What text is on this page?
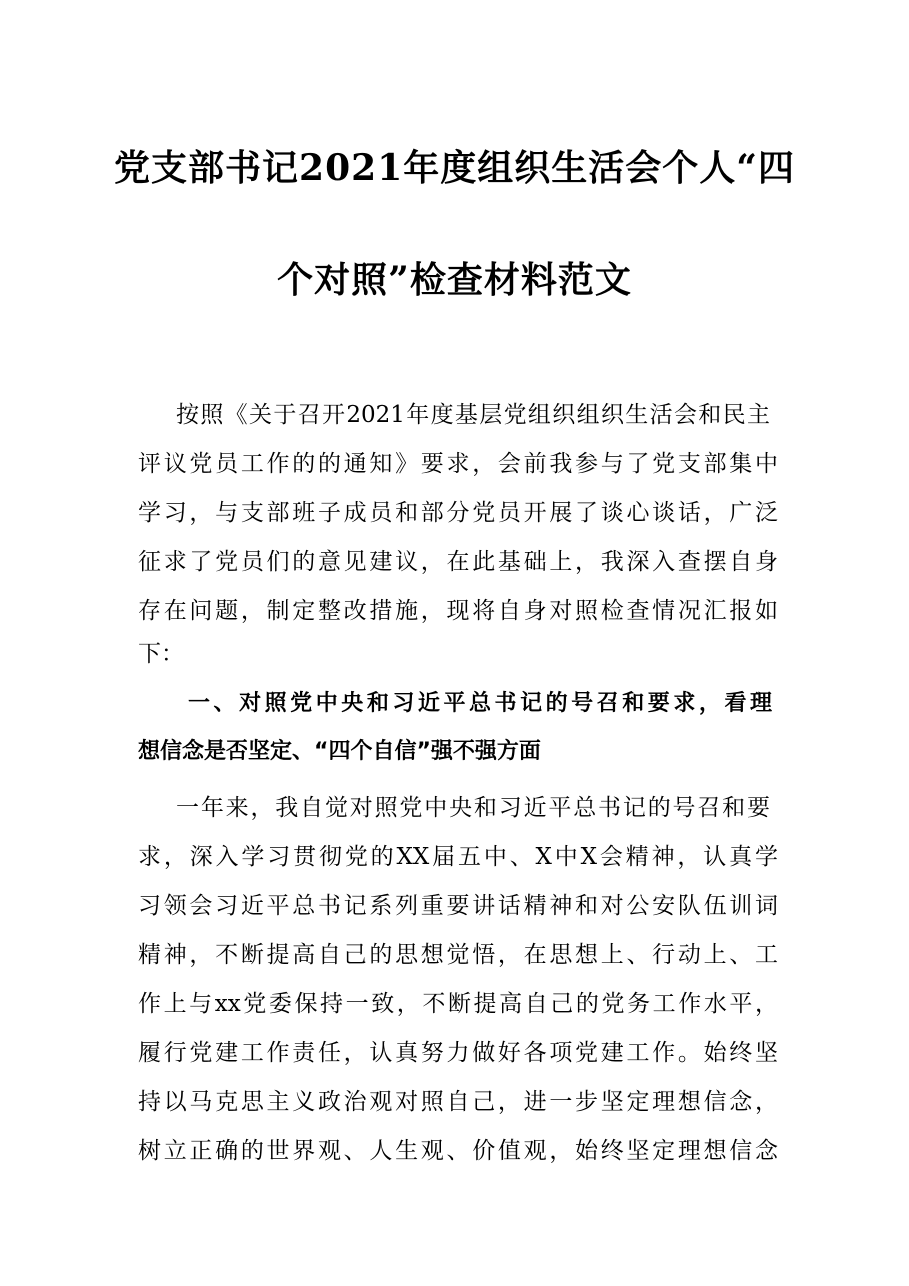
党支部书记2021年度组织生活会个人“四
个对照”检查材料范文
按照《关于召开2021年度基层党组织组织生活会和民主
评议党员工作的的通知》要求，会前我参与了党支部集中
学习，与支部班子成员和部分党员开展了谈心谈话，广泛
征求了党员们的意见建议，在此基础上，我深入查摆自身
存在问题，制定整改措施，现将自身对照检查情况汇报如
下：
一、对照党中央和习近平总书记的号召和要求，看理
想信念是否坚定、“四个自信”强不强方面
一年来，我自觉对照党中央和习近平总书记的号召和要
求，深入学习贯彻党的XX届五中、X中X会精神，认真学
习领会习近平总书记系列重要讲话精神和对公安队伍训词
精神，不断提高自己的思想觉悟，在思想上、行动上、工
作上与xx党委保持一致，不断提高自己的党务工作水平，
履行党建工作责任，认真努力做好各项党建工作。始终坚
持以马克思主义政治观对照自己，进一步坚定理想信念，
树立正确的世界观、人生观、价值观，始终坚定理想信念
